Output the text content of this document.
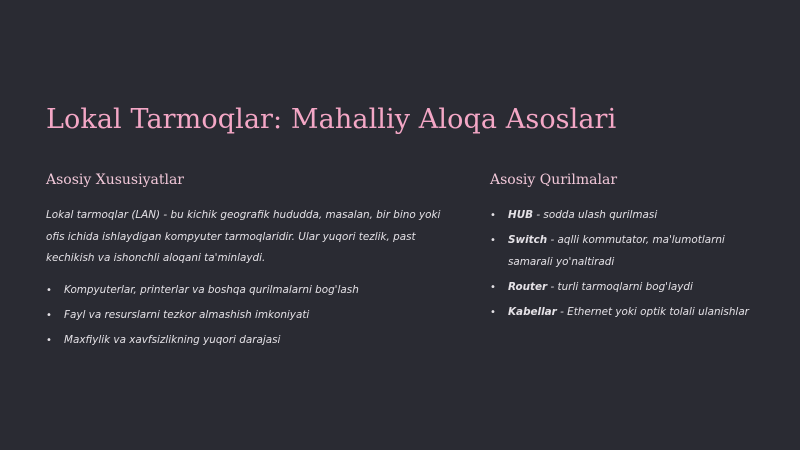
Lokal Tarmoqlar: Mahalliy Aloqa Asoslari
Asosiy Xususiyatlar

Lokal tarmoqlar (LAN) - bu kichik geografik hududda, masalan, bir bino yoki ofis ichida ishlaydigan kompyuter tarmoqlaridir. Ular yuqori tezlik, past kechikish va ishonchli aloqani ta'minlaydi.

• Kompyuterlar, printerlar va boshqa qurilmalarni bog'lash
• Fayl va resurslarni tezkor almashish imkoniyati
• Maxfiylik va xavfsizlikning yuqori darajasi
Asosiy Qurilmalar
• HUB - sodda ulash qurilmasi
• Switch - aqlli kommutator, ma'lumotlarni samarali yo'naltiradi
• Router - turli tarmoqlarni bog'laydi
• Kabellar - Ethernet yoki optik tolali ulanishlar
